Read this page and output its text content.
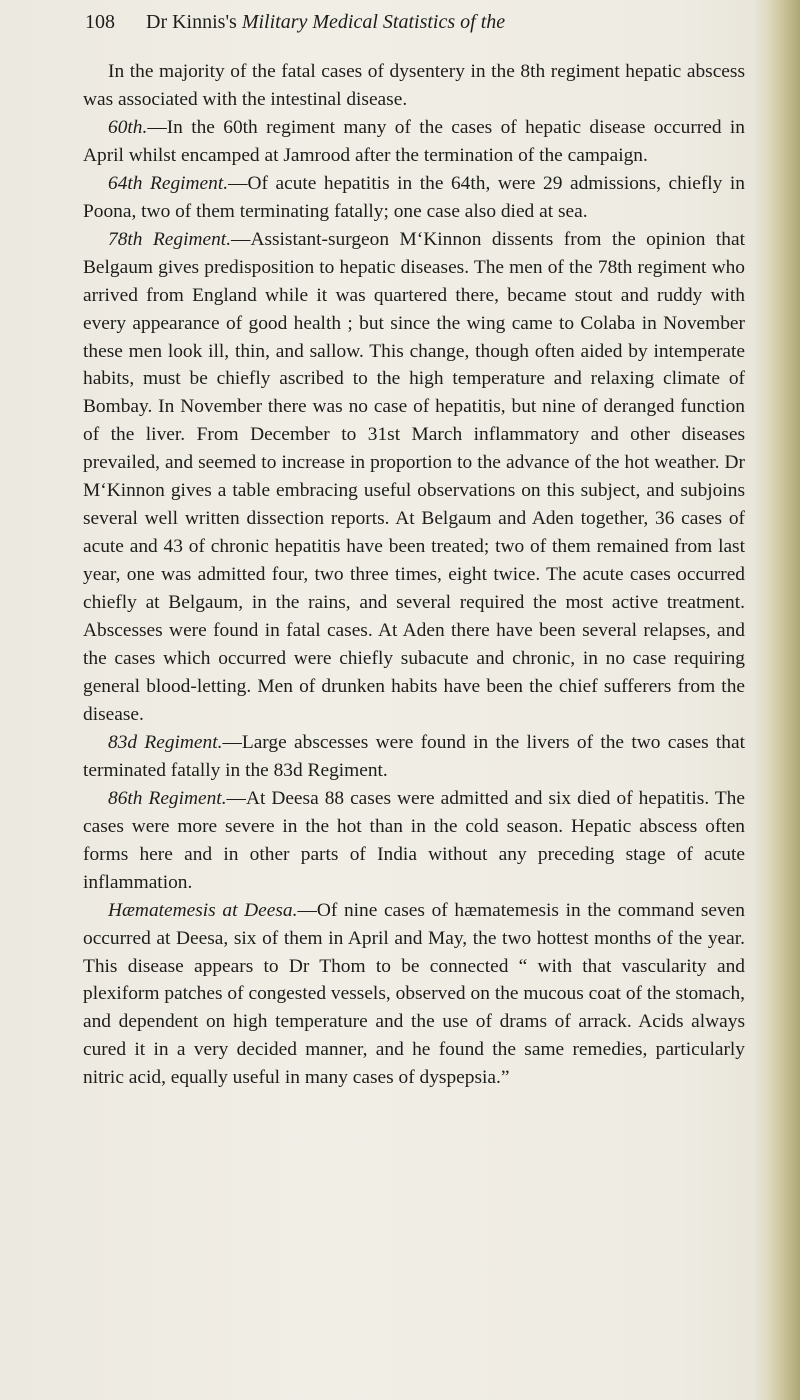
108 Dr Kinnis's Military Medical Statistics of the

In the majority of the fatal cases of dysentery in the 8th regiment hepatic abscess was associated with the intestinal disease.

60th.—In the 60th regiment many of the cases of hepatic disease occurred in April whilst encamped at Jamrood after the termination of the campaign.

64th Regiment.—Of acute hepatitis in the 64th, were 29 admissions, chiefly in Poona, two of them terminating fatally; one case also died at sea.

78th Regiment.—Assistant-surgeon M‘Kinnon dissents from the opinion that Belgaum gives predisposition to hepatic diseases. The men of the 78th regiment who arrived from England while it was quartered there, became stout and ruddy with every appearance of good health ; but since the wing came to Colaba in November these men look ill, thin, and sallow. This change, though often aided by intemperate habits, must be chiefly ascribed to the high temperature and relaxing climate of Bombay. In November there was no case of hepatitis, but nine of deranged function of the liver. From December to 31st March inflammatory and other diseases prevailed, and seemed to increase in proportion to the advance of the hot weather. Dr M‘Kinnon gives a table embracing useful observations on this subject, and subjoins several well written dissection reports. At Belgaum and Aden together, 36 cases of acute and 43 of chronic hepatitis have been treated; two of them remained from last year, one was admitted four, two three times, eight twice. The acute cases occurred chiefly at Belgaum, in the rains, and several required the most active treatment. Abscesses were found in fatal cases. At Aden there have been several relapses, and the cases which occurred were chiefly subacute and chronic, in no case requiring general blood-letting. Men of drunken habits have been the chief sufferers from the disease.

83d Regiment.—Large abscesses were found in the livers of the two cases that terminated fatally in the 83d Regiment.

86th Regiment.—At Deesa 88 cases were admitted and six died of hepatitis. The cases were more severe in the hot than in the cold season. Hepatic abscess often forms here and in other parts of India without any preceding stage of acute inflammation.

Hæmatemesis at Deesa.—Of nine cases of hæmatemesis in the command seven occurred at Deesa, six of them in April and May, the two hottest months of the year. This disease appears to Dr Thom to be connected “ with that vascularity and plexiform patches of congested vessels, observed on the mucous coat of the stomach, and dependent on high temperature and the use of drams of arrack. Acids always cured it in a very decided manner, and he found the same remedies, particularly nitric acid, equally useful in many cases of dyspepsia.”
